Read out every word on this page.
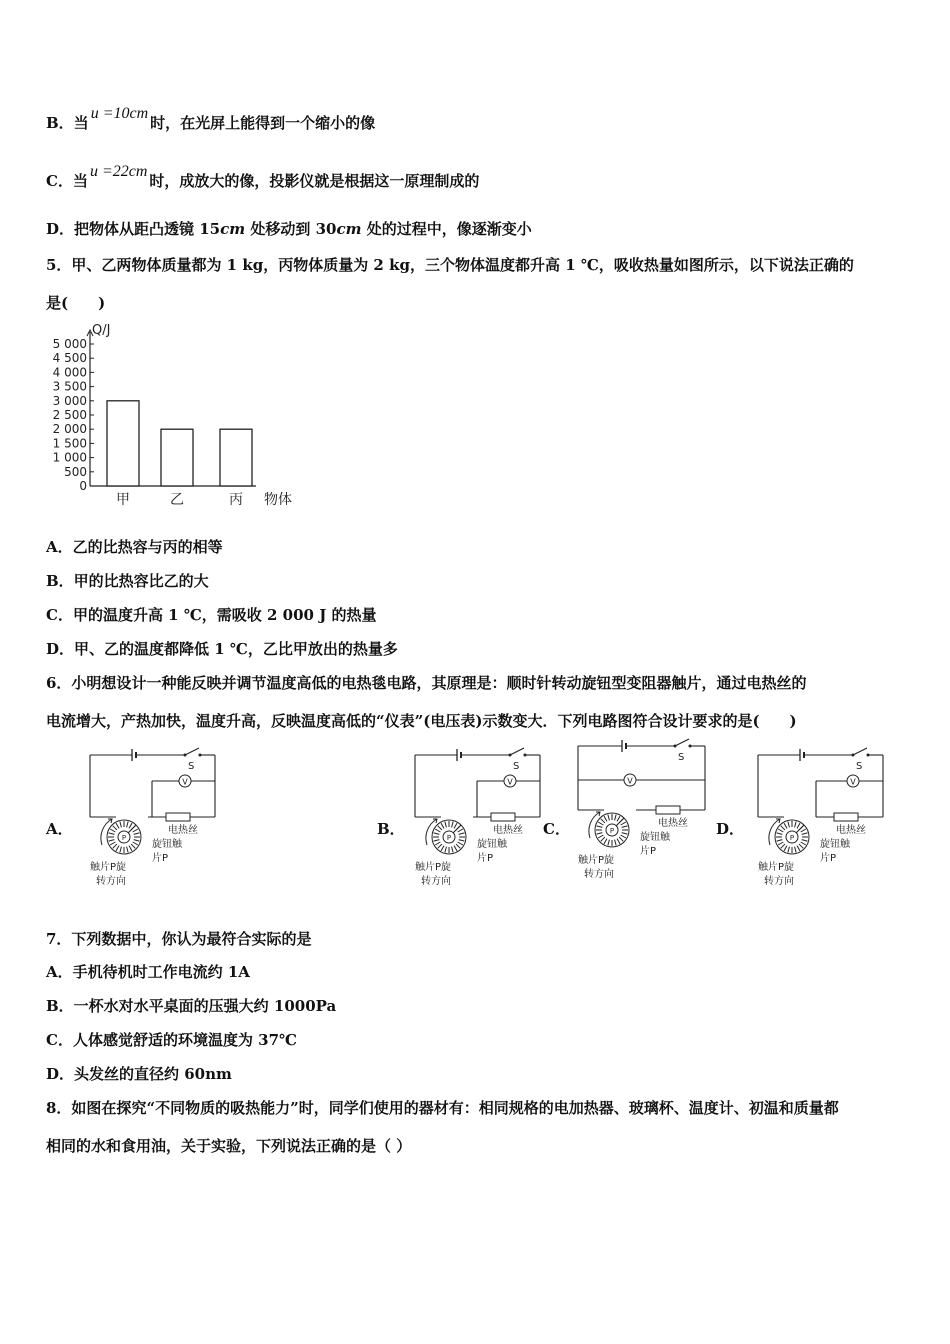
B．当u =10cm时，在光屏上能得到一个缩小的像
C．当u =22cm时，成放大的像，投影仪就是根据这一原理制成的
D．把物体从距凸透镜 15cm 处移动到 30cm 处的过程中，像逐渐变小
5．甲、乙两物体质量都为 1 kg，丙物体质量为 2 kg，三个物体温度都升高 1 ℃，吸收热量如图所示，以下说法正确的
是(　　)
Q/J
0
500
1 000
1 500
2 000
2 500
3 000
3 500
4 000
4 500
5 000
甲	乙	丙 物体
A．乙的比热容与丙的相等
B．甲的比热容比乙的大
C．甲的温度升高 1 ℃，需吸收 2 000 J 的热量
D．甲、乙的温度都降低 1 ℃，乙比甲放出的热量多
6．小明想设计一种能反映并调节温度高低的电热毯电路，其原理是：顺时针转动旋钮型变阻器触片，通过电热丝的
电流增大，产热加快，温度升高，反映温度高低的“仪表”(电压表)示数变大．下列电路图符合设计要求的是(　　)
A．	B．	C．	D．
S
电热丝
V
P
旋钮触
片P
触片P旋
转方向
S
电热丝
V
P
旋钮触
片P
触片P旋
转方向
S
电热丝
V
P
旋钮触
片P
触片P旋
转方向
S
电热丝
V
P
旋钮触
片P
触片P旋
转方向
7．下列数据中，你认为最符合实际的是
A．手机待机时工作电流约 1A
B．一杯水对水平桌面的压强大约 1000Pa
C．人体感觉舒适的环境温度为 37℃
D．头发丝的直径约 60nm
8．如图在探究“不同物质的吸热能力”时，同学们使用的器材有：相同规格的电加热器、玻璃杯、温度计、初温和质量都
相同的水和食用油，关于实验，下列说法正确的是（ ）
